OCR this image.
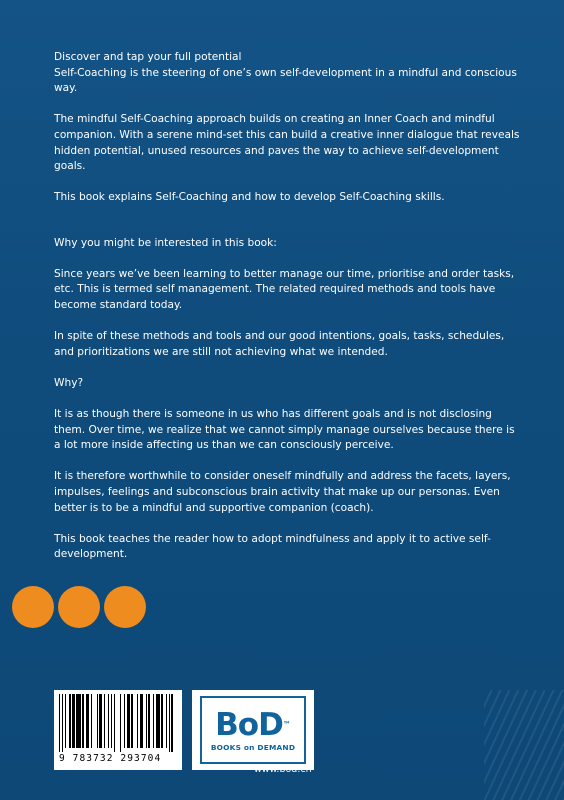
Discover and tap your full potential

Self-Coaching is the steering of one’s own self-development in a mindful and conscious way.

The mindful Self-Coaching approach builds on creating an Inner Coach and mindful companion. With a serene mind-set this can build a creative inner dialogue that reveals hidden potential, unused resources and paves the way to achieve self-development goals.

This book explains Self-Coaching and how to develop Self-Coaching skills.

Why you might be interested in this book:

Since years we’ve been learning to better manage our time, prioritise and order tasks, etc. This is termed self management. The related required methods and tools have become standard today.

In spite of these methods and tools and our good intentions, goals, tasks, schedules, and prioritizations we are still not achieving what we intended.

Why?

It is as though there is someone in us who has different goals and is not disclosing them. Over time, we realize that we cannot simply manage ourselves because there is a lot more inside affecting us than we can consciously perceive.

It is therefore worthwhile to consider oneself mindfully and address the facets, layers, impulses, feelings and subconscious brain activity that make up our personas. Even better is to be a mindful and supportive companion (coach).

This book teaches the reader how to adopt mindfulness and apply it to active self-development.

9 783732 293704
BoD™
BOOKS on DEMAND
www.bod.ch
